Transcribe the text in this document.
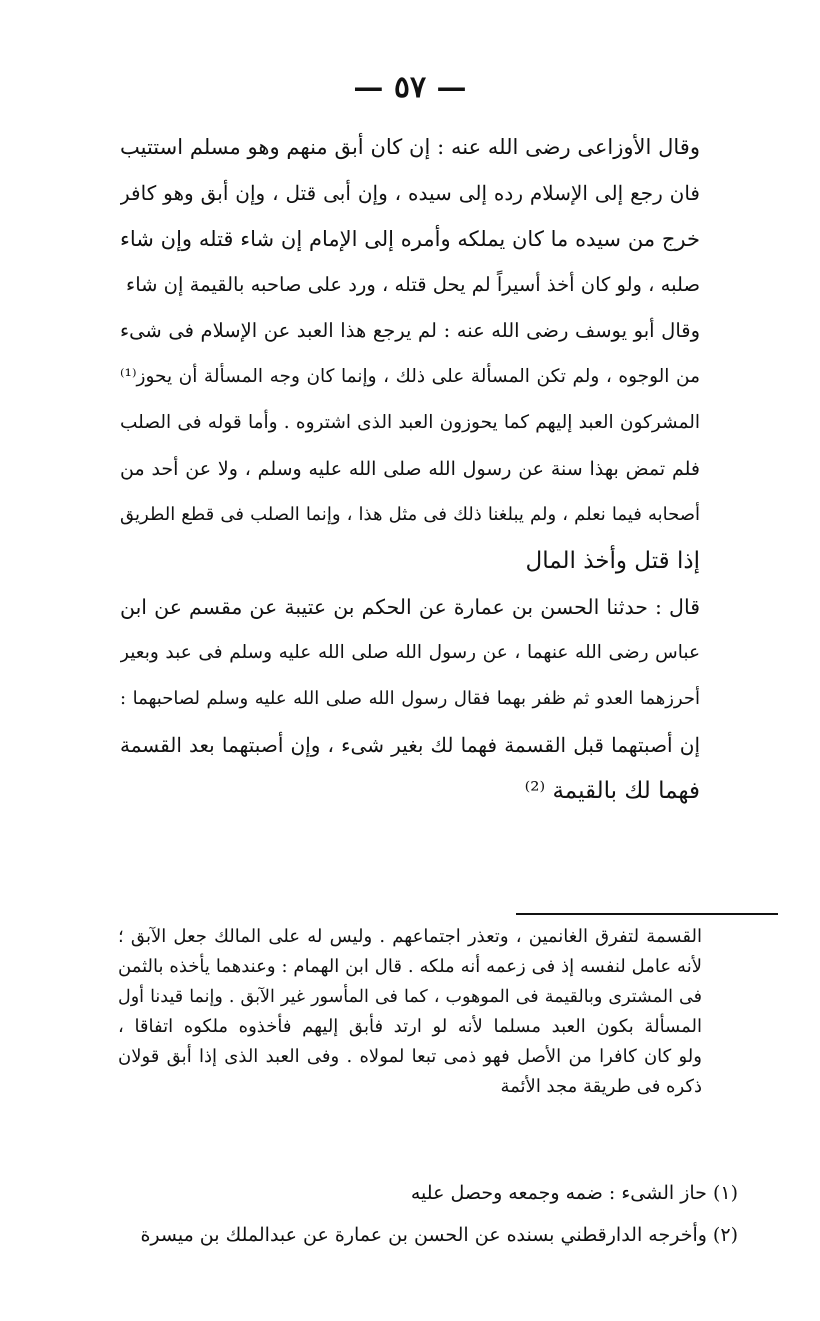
— ٥٧ —
وقال الأوزاعى رضى الله عنه : إن كان أبق منهم وهو مسلم استتيب
فان رجع إلى الإسلام رده إلى سيده ، وإن أبى قتل ، وإن أبق وهو كافر
خرج من سيده ما كان يملكه وأمره إلى الإمام إن شاء قتله وإن شاء
صلبه ، ولو كان أخذ أسيراً لم يحل قتله ، ورد على صاحبه بالقيمة إن شاء
وقال أبو يوسف رضى الله عنه : لم يرجع هذا العبد عن الإسلام فى شىء
من الوجوه ، ولم تكن المسألة على ذلك ، وإنما كان وجه المسألة أن يحوز⁽¹⁾
المشركون العبد إليهم كما يحوزون العبد الذى اشتروه . وأما قوله فى الصلب
فلم تمض بهذا سنة عن رسول الله صلى الله عليه وسلم ، ولا عن أحد من
أصحابه فيما نعلم ، ولم يبلغنا ذلك فى مثل هذا ، وإنما الصلب فى قطع الطريق
إذا قتل وأخذ المال
قال : حدثنا الحسن بن عمارة عن الحكم بن عتيبة عن مقسم عن ابن
عباس رضى الله عنهما ، عن رسول الله صلى الله عليه وسلم فى عبد وبعير
أحرزهما العدو ثم ظفر بهما فقال رسول الله صلى الله عليه وسلم لصاحبهما :
إن أصبتهما قبل القسمة فهما لك بغير شىء ، وإن أصبتهما بعد القسمة
فهما لك بالقيمة ⁽²⁾
القسمة لتفرق الغانمين ، وتعذر اجتماعهم . وليس له على المالك جعل الآبق ؛
لأنه عامل لنفسه إذ فى زعمه أنه ملكه . قال ابن الهمام : وعندهما يأخذه بالثمن
فى المشترى وبالقيمة فى الموهوب ، كما فى المأسور غير الآبق . وإنما قيدنا أول
المسألة بكون العبد مسلما لأنه لو ارتد فأبق إليهم فأخذوه ملكوه اتفاقا ،
ولو كان كافرا من الأصل فهو ذمى تبعا لمولاه . وفى العبد الذى إذا أبق قولان
ذكره فى طريقة مجد الأئمة
(١) حاز الشىء : ضمه وجمعه وحصل عليه
(٢) وأخرجه الدارقطني بسنده عن الحسن بن عمارة عن عبدالملك بن ميسرة
